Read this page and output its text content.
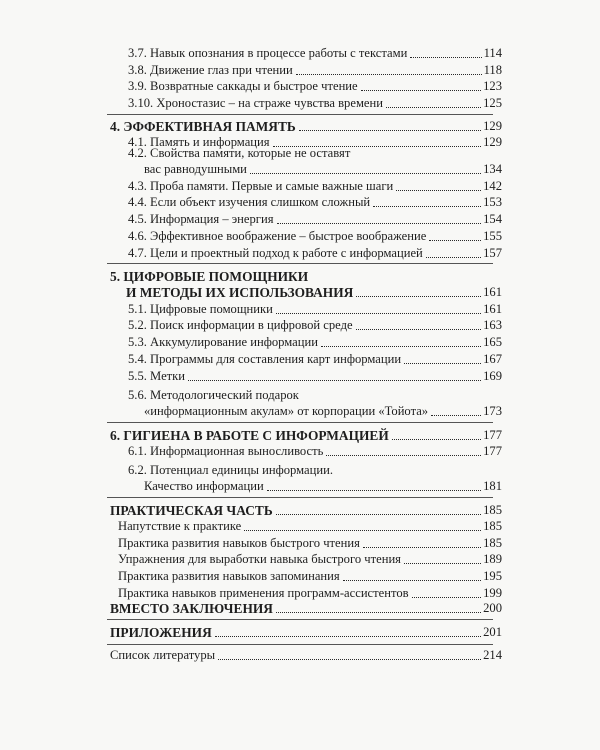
3.7. Навык опознания в процессе работы с текстами	114
3.8. Движение глаз при чтении	118
3.9. Возвратные саккады и быстрое чтение	123
3.10. Хроностазис – на страже чувства времени	125
4. ЭФФЕКТИВНАЯ ПАМЯТЬ	129
4.1. Память и информация	129
4.2. Свойства памяти, которые не оставят
вас равнодушными	134
4.3. Проба памяти. Первые и самые важные шаги	142
4.4. Если объект изучения слишком сложный	153
4.5. Информация – энергия	154
4.6. Эффективное воображение – быстрое воображение	155
4.7. Цели и проектный подход к работе с информацией	157
5. ЦИФРОВЫЕ ПОМОЩНИКИ
И МЕТОДЫ ИХ ИСПОЛЬЗОВАНИЯ	161
5.1. Цифровые помощники	161
5.2. Поиск информации в цифровой среде	163
5.3. Аккумулирование информации	165
5.4. Программы для составления карт информации	167
5.5. Метки	169
5.6. Методологический подарок
«информационным акулам» от корпорации «Тойота»	173
6. ГИГИЕНА В РАБОТЕ С ИНФОРМАЦИЕЙ	177
6.1. Информационная выносливость	177
6.2. Потенциал единицы информации.
Качество информации	181
ПРАКТИЧЕСКАЯ ЧАСТЬ	185
Напутствие к практике	185
Практика развития навыков быстрого чтения	185
Упражнения для выработки навыка быстрого чтения	189
Практика развития навыков запоминания	195
Практика навыков применения программ-ассистентов	199
ВМЕСТО ЗАКЛЮЧЕНИЯ	200
ПРИЛОЖЕНИЯ	201
Список литературы	214
